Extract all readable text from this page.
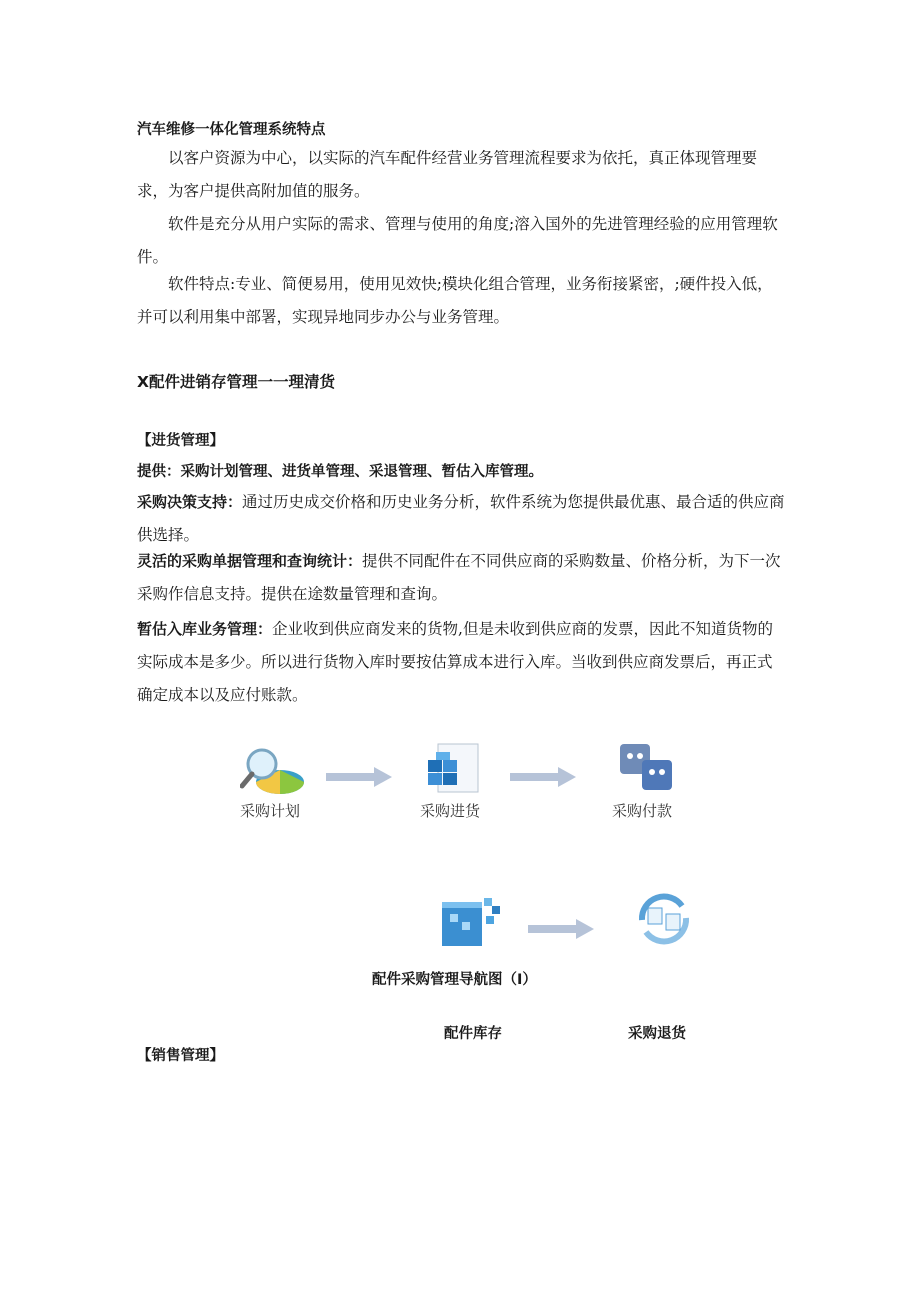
汽车维修一体化管理系统特点
以客户资源为中心，以实际的汽车配件经营业务管理流程要求为依托，真正体现管理要求，为客户提供高附加值的服务。
软件是充分从用户实际的需求、管理与使用的角度;溶入国外的先进管理经验的应用管理软件。
软件特点:专业、简便易用，使用见效快;模块化组合管理，业务衔接紧密，;硬件投入低，并可以利用集中部署，实现异地同步办公与业务管理。
X配件进销存管理一一理清货
【进货管理】
提供：采购计划管理、进货单管理、采退管理、暂估入库管理。
采购决策支持：通过历史成交价格和历史业务分析，软件系统为您提供最优惠、最合适的供应商供选择。
灵活的采购单据管理和查询统计：提供不同配件在不同供应商的采购数量、价格分析，为下一次采购作信息支持。提供在途数量管理和查询。
暂估入库业务管理：企业收到供应商发来的货物,但是未收到供应商的发票，因此不知道货物的实际成本是多少。所以进行货物入库时要按估算成本进行入库。当收到供应商发票后，再正式确定成本以及应付账款。
采购计划	采购进货	采购付款
配件采购管理导航图（I）
配件库存	采购退货
【销售管理】
